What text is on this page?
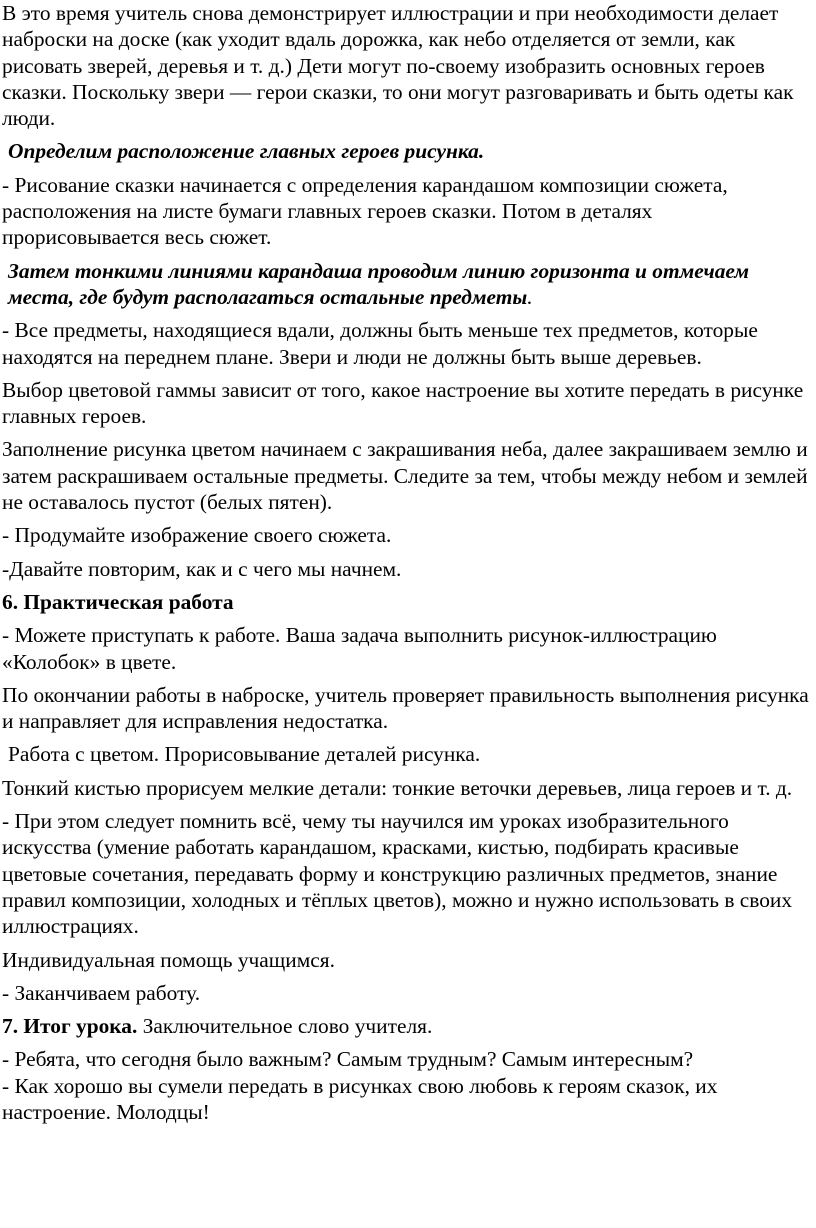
В это время учитель снова демонстрирует иллюстрации и при необходимости делает наброски на доске (как уходит вдаль дорожка, как небо отделяется от земли, как рисовать зверей, деревья и т. д.) Дети могут по-своему изобразить основных героев сказки. Поскольку звери — герои сказки, то они могут разговаривать и быть одеты как люди.

Определим расположение главных героев рисунка.

- Рисование сказки начинается с определения карандашом композиции сюжета, расположения на листе бумаги главных героев сказки. Потом в деталях прорисовывается весь сюжет.

Затем тонкими линиями карандаша проводим линию горизонта и отмечаем места, где будут располагаться остальные предметы.

- Все предметы, находящиеся вдали, должны быть меньше тех предметов, которые находятся на переднем плане. Звери и люди не должны быть выше деревьев.

Выбор цветовой гаммы зависит от того, какое настроение вы хотите передать в рисунке главных героев.

Заполнение рисунка цветом начинаем с закрашивания неба, далее закрашиваем землю и затем раскрашиваем остальные предметы. Следите за тем, чтобы между небом и землей не оставалось пустот (белых пятен).

- Продумайте изображение своего сюжета.

-Давайте повторим, как и с чего мы начнем.

6. Практическая работа

- Можете приступать к работе. Ваша задача выполнить рисунок-иллюстрацию «Колобок» в цвете.

По окончании работы в наброске, учитель проверяет правильность выполнения рисунка и направляет для исправления недостатка.

Работа с цветом. Прорисовывание деталей рисунка.

Тонкий кистью прорисуем мелкие детали: тонкие веточки деревьев, лица героев и т. д.

- При этом следует помнить всё, чему ты научился им уроках изобразительного искусства (умение работать карандашом, красками, кистью, подбирать красивые цветовые сочетания, передавать форму и конструкцию различных предметов, знание правил композиции, холодных и тёплых цветов), можно и нужно использовать в своих иллюстрациях.

Индивидуальная помощь учащимся.

- Заканчиваем работу.

7. Итог урока. Заключительное слово учителя.

- Ребята, что сегодня было важным? Самым трудным? Самым интересным?

- Как хорошо вы сумели передать в рисунках свою любовь к героям сказок, их настроение. Молодцы!
